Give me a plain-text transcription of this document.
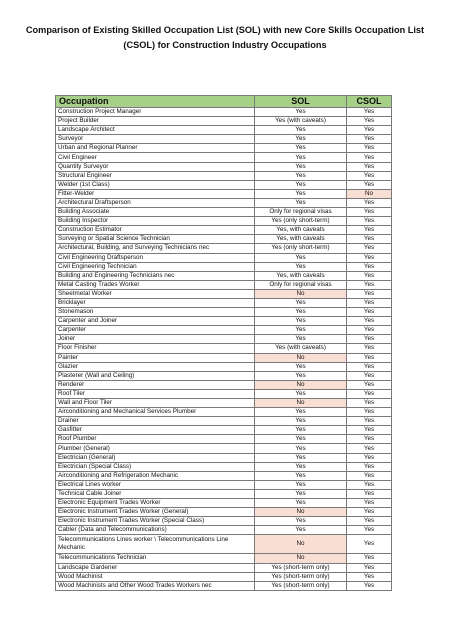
Comparison of Existing Skilled Occupation List (SOL) with new Core Skills Occupation List
(CSOL) for Construction Industry Occupations
Occupation	SOL	CSOL
Construction Project Manager	Yes	Yes
Project Builder	Yes (with caveats)	Yes
Landscape Architect	Yes	Yes
Surveyor	Yes	Yes
Urban and Regional Planner	Yes	Yes
Civil Engineer	Yes	Yes
Quantity Surveyor	Yes	Yes
Structural Engineer	Yes	Yes
Welder (1st Class)	Yes	Yes
Fitter-Welder	Yes	No
Architectural Draftsperson	Yes	Yes
Building Associate	Only for regional visas	Yes
Building Inspector	Yes (only short-term)	Yes
Construction Estimator	Yes, with caveats	Yes
Surveying or Spatial Science Technician	Yes, with caveats	Yes
Architectural, Building, and Surveying Technicians nec	Yes (only short-term)	Yes
Civil Engineering Draftsperson	Yes	Yes
Civil Engineering Technician	Yes	Yes
Building and Engineering Technicians nec	Yes, with caveats	Yes
Metal Casting Trades Worker	Only for regional visas	Yes
Sheetmetal Worker	No	Yes
Bricklayer	Yes	Yes
Stonemason	Yes	Yes
Carpenter and Joiner	Yes	Yes
Carpenter	Yes	Yes
Joiner	Yes	Yes
Floor Finisher	Yes (with caveats)	Yes
Painter	No	Yes
Glazier	Yes	Yes
Plasterer (Wall and Ceiling)	Yes	Yes
Renderer	No	Yes
Roof Tiler	Yes	Yes
Wall and Floor Tiler	No	Yes
Airconditioning and Mechanical Services Plumber	Yes	Yes
Drainer	Yes	Yes
Gasfitter	Yes	Yes
Roof Plumber	Yes	Yes
Plumber (General)	Yes	Yes
Electrician (General)	Yes	Yes
Electrician (Special Class)	Yes	Yes
Airconditioning and Refrigeration Mechanic	Yes	Yes
Electrical Lines worker	Yes	Yes
Technical Cable Joiner	Yes	Yes
Electronic Equipment Trades Worker	Yes	Yes
Electronic Instrument Trades Worker (General)	No	Yes
Electronic Instrument Trades Worker (Special Class)	Yes	Yes
Cabler (Data and Telecommunications)	Yes	Yes
Telecommunications Lines worker \ Telecommunications Line Mechanic	No	Yes
Telecommunications Technician	No	Yes
Landscape Gardener	Yes (short-term only)	Yes
Wood Machinist	Yes (short-term only)	Yes
Wood Machinists and Other Wood Trades Workers nec	Yes (short-term only)	Yes
